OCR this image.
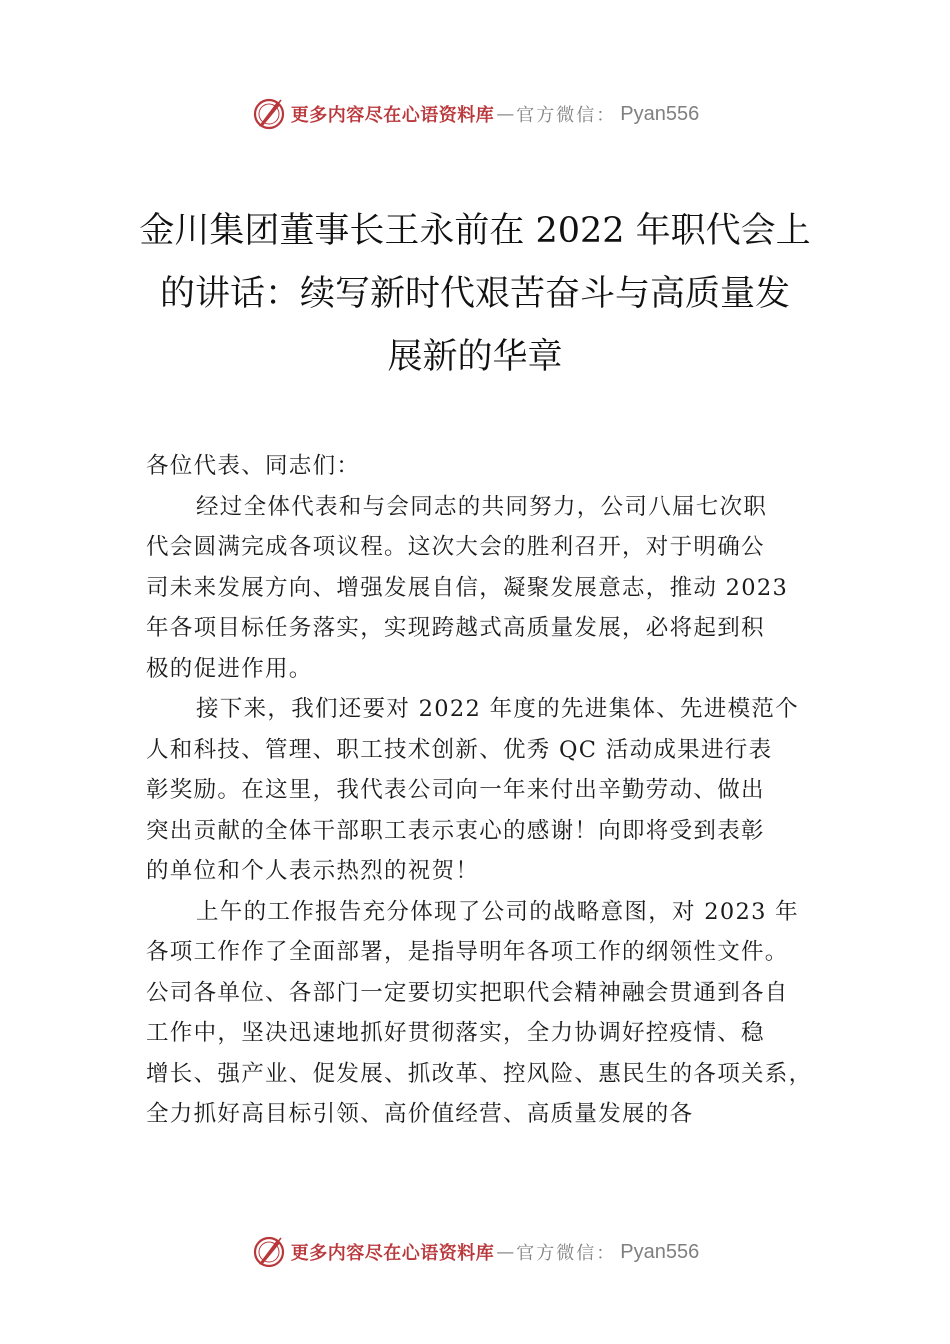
更多内容尽在心语资料库 — 官方微信 ： Pyan556
金川集团董事长王永前在 2022 年职代会上
的讲话：续写新时代艰苦奋斗与高质量发
展新的华章
各位代表、同志们：
经过全体代表和与会同志的共同努力，公司八届七次职
代会圆满完成各项议程。这次大会的胜利召开，对于明确公
司未来发展方向、增强发展自信，凝聚发展意志，推动 2023
年各项目标任务落实，实现跨越式高质量发展，必将起到积
极的促进作用。
接下来，我们还要对 2022 年度的先进集体、先进模范个
人和科技、管理、职工技术创新、优秀 QC 活动成果进行表
彰奖励。在这里，我代表公司向一年来付出辛勤劳动、做出
突出贡献的全体干部职工表示衷心的感谢！向即将受到表彰
的单位和个人表示热烈的祝贺！
上午的工作报告充分体现了公司的战略意图，对 2023 年
各项工作作了全面部署，是指导明年各项工作的纲领性文件。
公司各单位、各部门一定要切实把职代会精神融会贯通到各自
工作中，坚决迅速地抓好贯彻落实，全力协调好控疫情、稳
增长、强产业、促发展、抓改革、控风险、惠民生的各项关系，
全力抓好高目标引领、高价值经营、高质量发展的各
更多内容尽在心语资料库 — 官方微信 ： Pyan556
